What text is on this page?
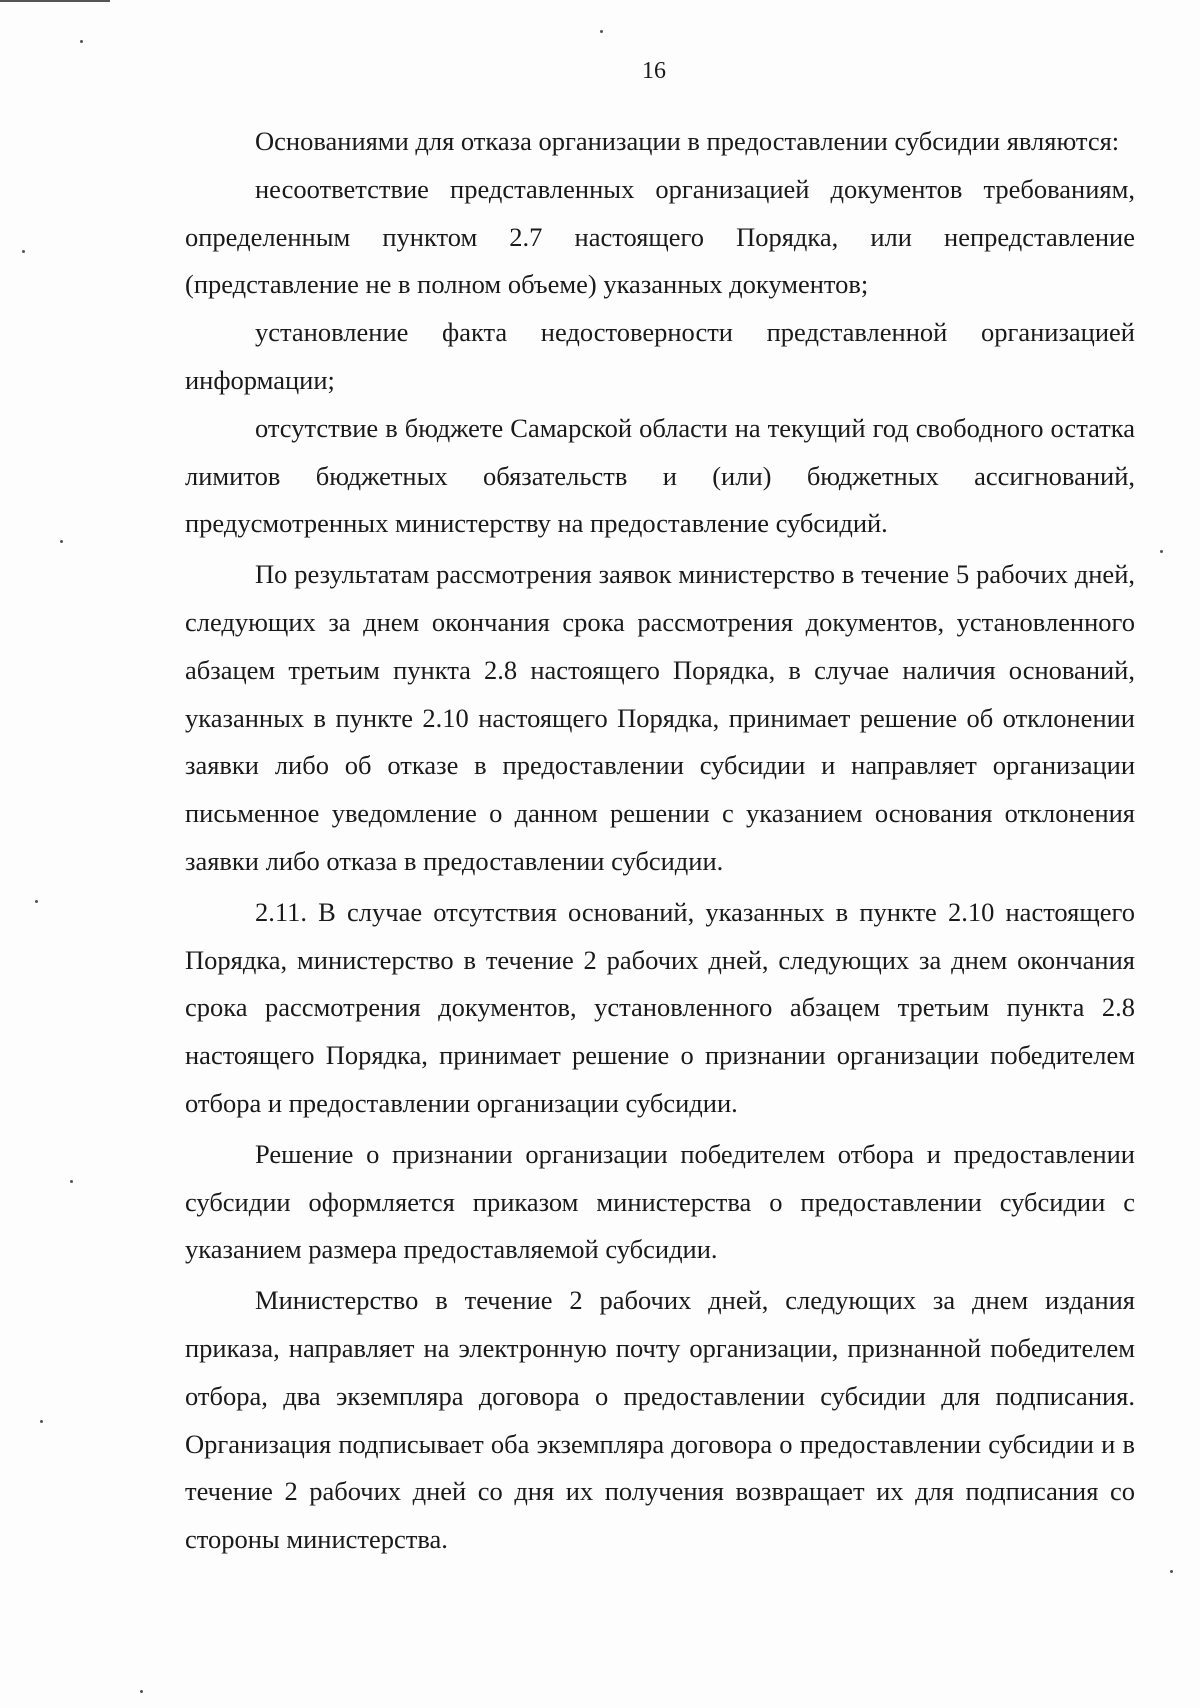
16

Основаниями для отказа организации в предоставлении субсидии являются:

несоответствие представленных организацией документов требованиям, определенным пунктом 2.7 настоящего Порядка, или непредставление (представление не в полном объеме) указанных документов;

установление факта недостоверности представленной организацией информации;

отсутствие в бюджете Самарской области на текущий год свободного остатка лимитов бюджетных обязательств и (или) бюджетных ассигнований, предусмотренных министерству на предоставление субсидий.

По результатам рассмотрения заявок министерство в течение 5 рабочих дней, следующих за днем окончания срока рассмотрения документов, установленного абзацем третьим пункта 2.8 настоящего Порядка, в случае наличия оснований, указанных в пункте 2.10 настоящего Порядка, принимает решение об отклонении заявки либо об отказе в предоставлении субсидии и направляет организации письменное уведомление о данном решении с указанием основания отклонения заявки либо отказа в предоставлении субсидии.

2.11. В случае отсутствия оснований, указанных в пункте 2.10 настоящего Порядка, министерство в течение 2 рабочих дней, следующих за днем окончания срока рассмотрения документов, установленного абзацем третьим пункта 2.8 настоящего Порядка, принимает решение о признании организации победителем отбора и предоставлении организации субсидии.

Решение о признании организации победителем отбора и предоставлении субсидии оформляется приказом министерства о предоставлении субсидии с указанием размера предоставляемой субсидии.

Министерство в течение 2 рабочих дней, следующих за днем издания приказа, направляет на электронную почту организации, признанной победителем отбора, два экземпляра договора о предоставлении субсидии для подписания. Организация подписывает оба экземпляра договора о предоставлении субсидии и в течение 2 рабочих дней со дня их получения возвращает их для подписания со стороны министерства.
